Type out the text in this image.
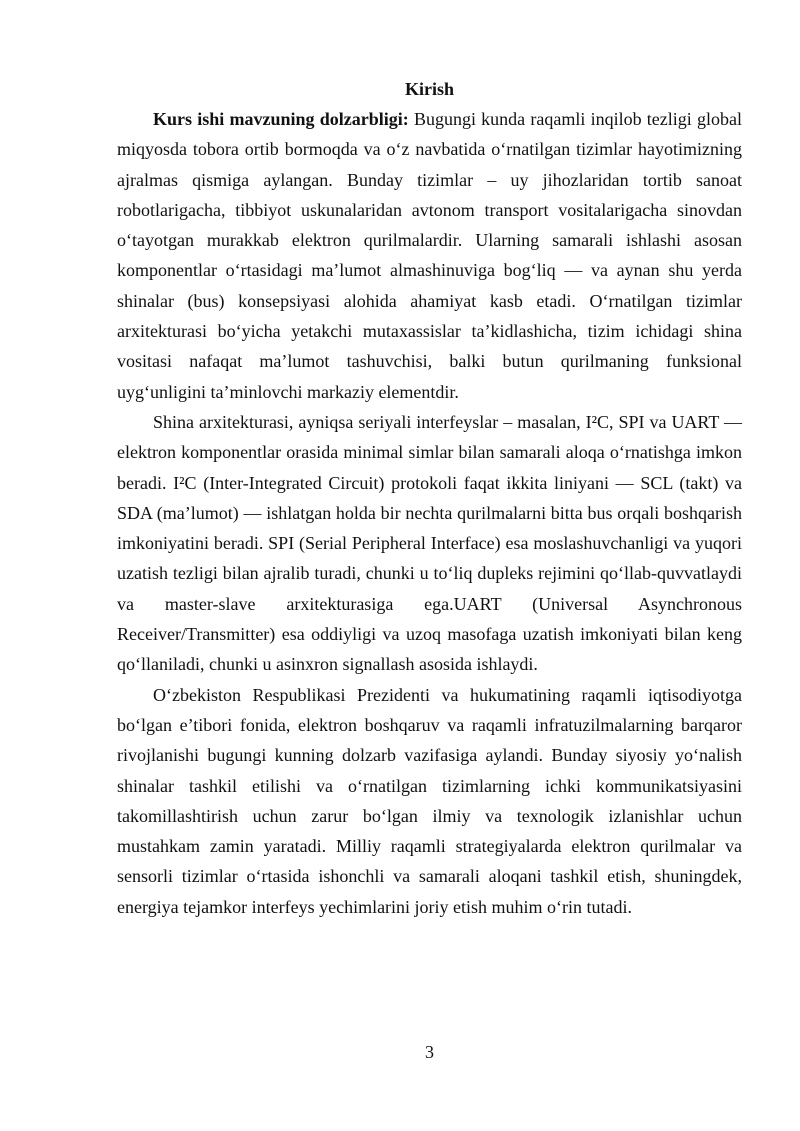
Kirish

Kurs ishi mavzuning dolzarbligi: Bugungi kunda raqamli inqilob tezligi global miqyosda tobora ortib bormoqda va o‘z navbatida o‘rnatilgan tizimlar hayotimizning ajralmas qismiga aylangan. Bunday tizimlar – uy jihozlaridan tortib sanoat robotlarigacha, tibbiyot uskunalaridan avtonom transport vositalarigacha sinovdan o‘tayotgan murakkab elektron qurilmalardir. Ularning samarali ishlashi asosan komponentlar o‘rtasidagi ma’lumot almashinuviga bog‘liq — va aynan shu yerda shinalar (bus) konsepsiyasi alohida ahamiyat kasb etadi. O‘rnatilgan tizimlar arxitekturasi bo‘yicha yetakchi mutaxassislar ta’kidlashicha, tizim ichidagi shina vositasi nafaqat ma’lumot tashuvchisi, balki butun qurilmaning funksional uyg‘unligini ta’minlovchi markaziy elementdir.

Shina arxitekturasi, ayniqsa seriyali interfeyslar – masalan, I²C, SPI va UART — elektron komponentlar orasida minimal simlar bilan samarali aloqa o‘rnatishga imkon beradi. I²C (Inter-Integrated Circuit) protokoli faqat ikkita liniyani — SCL (takt) va SDA (ma’lumot) — ishlatgan holda bir nechta qurilmalarni bitta bus orqali boshqarish imkoniyatini beradi. SPI (Serial Peripheral Interface) esa moslashuvchanligi va yuqori uzatish tezligi bilan ajralib turadi, chunki u to‘liq dupleks rejimini qo‘llab-quvvatlaydi va master-slave arxitekturasiga ega.UART (Universal Asynchronous Receiver/Transmitter) esa oddiyligi va uzoq masofaga uzatish imkoniyati bilan keng qo‘llaniladi, chunki u asinxron signallash asosida ishlaydi.

O‘zbekiston Respublikasi Prezidenti va hukumatining raqamli iqtisodiyotga bo‘lgan e’tibori fonida, elektron boshqaruv va raqamli infratuzilmalarning barqaror rivojlanishi bugungi kunning dolzarb vazifasiga aylandi. Bunday siyosiy yo‘nalish shinalar tashkil etilishi va o‘rnatilgan tizimlarning ichki kommunikatsiyasini takomillashtirish uchun zarur bo‘lgan ilmiy va texnologik izlanishlar uchun mustahkam zamin yaratadi. Milliy raqamli strategiyalarda elektron qurilmalar va sensorli tizimlar o‘rtasida ishonchli va samarali aloqani tashkil etish, shuningdek, energiya tejamkor interfeys yechimlarini joriy etish muhim o‘rin tutadi.

3
